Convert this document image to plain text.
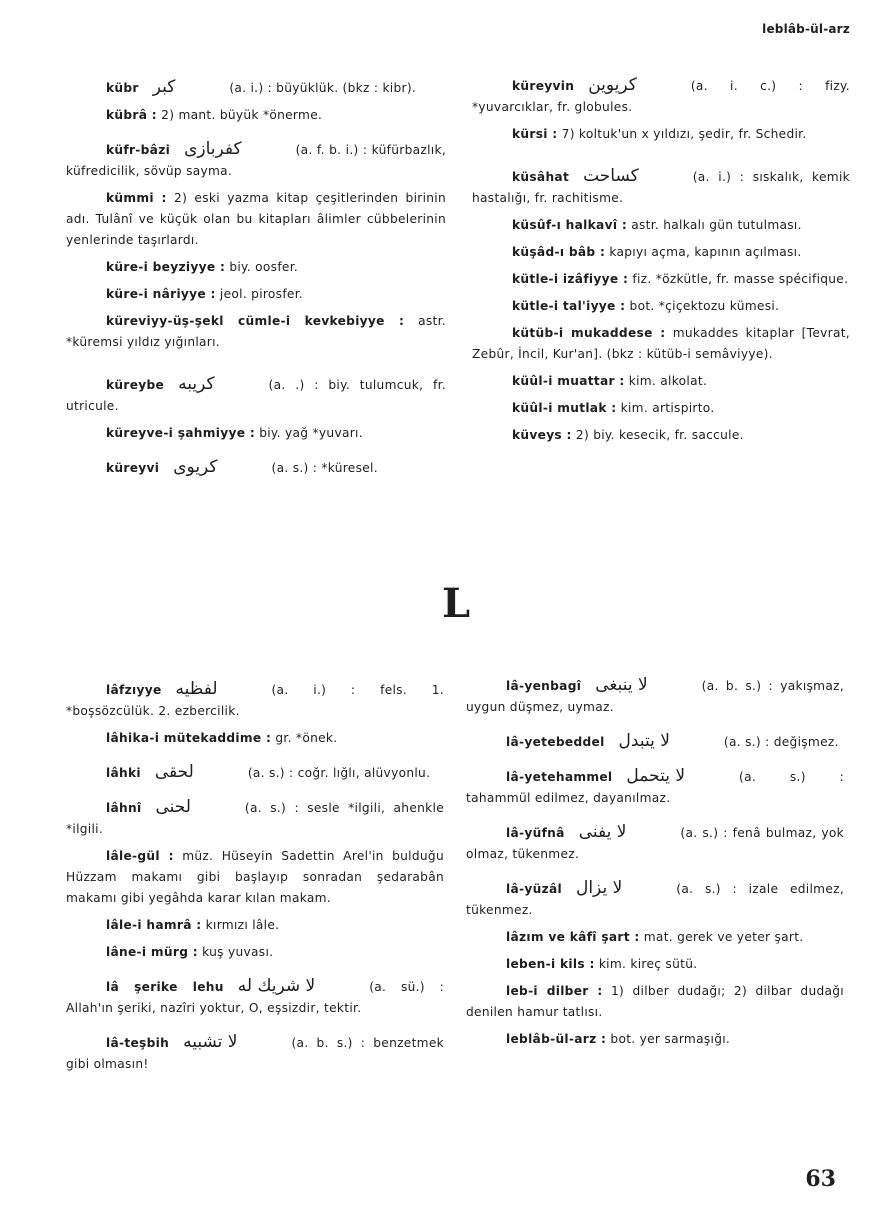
leblâb-ül-arz

kübr كبر	(a. i.) : büyüklük. (bkz : kibr).

kübrâ : 2) mant. büyük *önerme.

küfr-bâzi كفربازى	(a. f. b. i.) : küfürbazlık, küfredicilik, sövüp sayma.

kümmi : 2) eski yazma kitap çeşitlerinden birinin adı. Tulânî ve küçük olan bu kitapları âlimler cübbelerinin yenlerinde taşırlardı.

küre-i beyziyye : biy. oosfer.

küre-i nâriyye : jeol. pirosfer.

küreviyy-üş-şekl cümle-i kevkebiyye : astr. *küremsi yıldız yığınları.

küreybe كريبه	(a. .) : biy. tulumcuk, fr. utricule.

küreyve-i şahmiyye : biy. yağ *yuvarı.

küreyvi كريوى	(a. s.) : *küresel.

küreyvin كريوين	(a. i. c.) : fizy. *yuvarcıklar, fr. globules.

kürsi : 7) koltuk'un x yıldızı, şedir, fr. Schedir.

küsâhat كساحت	(a. i.) : sıskalık, kemik hastalığı, fr. rachitisme.

küsûf-ı halkavî : astr. halkalı gün tutulması.

küşâd-ı bâb : kapıyı açma, kapının açılması.

kütle-i izâfiyye : fiz. *özkütle, fr. masse spécifique.

kütle-i tal'iyye : bot. *çiçektozu kümesi.

kütüb-i mukaddese : mukaddes kitaplar [Tevrat, Zebûr, İncil, Kur'an]. (bkz : kütüb-i semâviyye).

küûl-i muattar : kim. alkolat.

küûl-i mutlak : kim. artispirto.

küveys : 2) biy. kesecik, fr. saccule.

L

lâfzıyye لفظيه	(a. i.) : fels. 1. *boşsözcülük. 2. ezbercilik.

lâhika-i mütekaddime : gr. *önek.

lâhki لحقى	(a. s.) : coğr. lığlı, alüvyonlu.

lâhnî لحنى	(a. s.) : sesle *ilgili, ahenkle *ilgili.

lâle-gül : müz. Hüseyin Sadettin Arel'in bulduğu Hüzzam makamı gibi başlayıp sonradan şedarabân makamı gibi yegâhda karar kılan makam.

lâle-i hamrâ : kırmızı lâle.

lâne-i mürg : kuş yuvası.

lâ şerike lehu لا شريك له	(a. sü.) : Allah'ın şeriki, nazîri yoktur, O, eşsizdir, tektir.

lâ-teşbih لا تشبيه	(a. b. s.) : benzetmek gibi olmasın!

lâ-yenbagî لا ينبغى	(a. b. s.) : yakışmaz, uygun düşmez, uymaz.

lâ-yetebeddel لا يتبدل	(a. s.) : değişmez.

lâ-yetehammel لا يتحمل	(a. s.) : tahammül edilmez, dayanılmaz.

lâ-yüfnâ لا يفنى	(a. s.) : fenâ bulmaz, yok olmaz, tükenmez.

lâ-yüzâl لا يزال	(a. s.) : izale edilmez, tükenmez.

lâzım ve kâfî şart : mat. gerek ve yeter şart.

leben-i kils : kim. kireç sütü.

leb-i dilber : 1) dilber dudağı; 2) dilbar dudağı denilen hamur tatlısı.

leblâb-ül-arz : bot. yer sarmaşığı.

63
